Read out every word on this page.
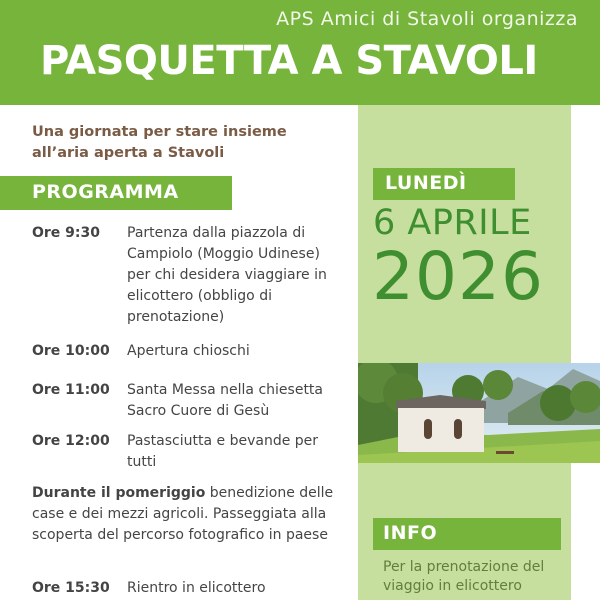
APS Amici di Stavoli organizza
PASQUETTA A STAVOLI
Una giornata per stare insieme all’aria aperta a Stavoli
PROGRAMMA
Ore 9:30	Partenza dalla piazzola di Campiolo (Moggio Udinese) per chi desidera viaggiare in elicottero (obbligo di prenotazione)
Ore 10:00	Apertura chioschi
Ore 11:00	Santa Messa nella chiesetta Sacro Cuore di Gesù
Ore 12:00	Pastasciutta e bevande per tutti
Durante il pomeriggio benedizione delle case e dei mezzi agricoli. Passeggiata alla scoperta del percorso fotografico in paese
Ore 15:30	Rientro in elicottero
LUNEDÌ
6 APRILE
2026
INFO
Per la prenotazione del viaggio in elicottero
